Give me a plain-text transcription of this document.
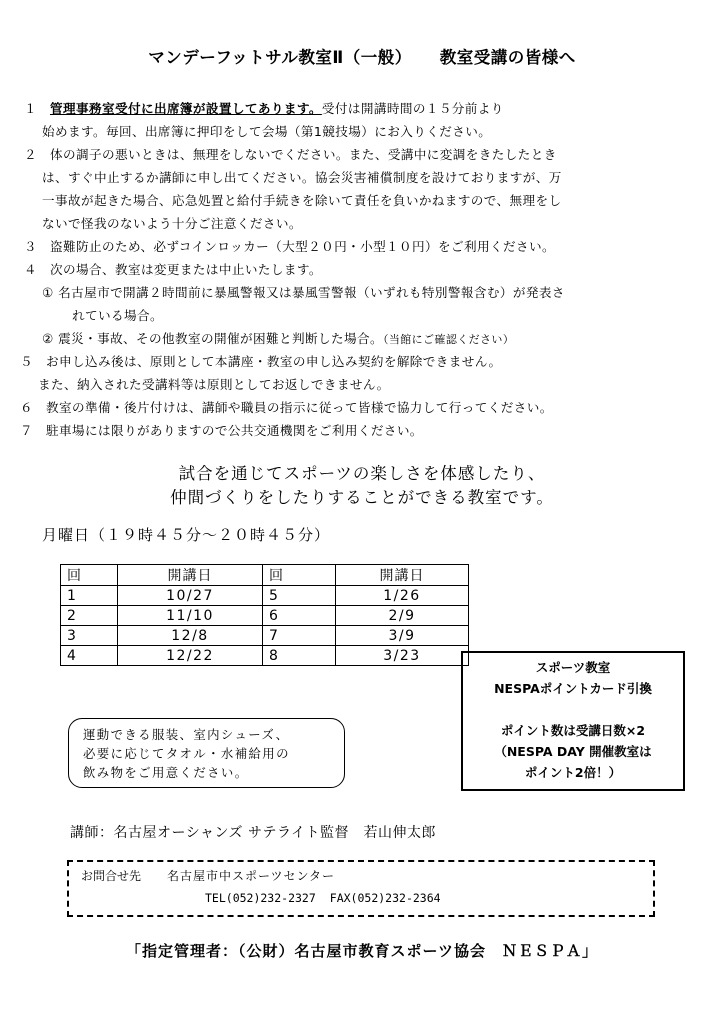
マンデーフットサル教室Ⅱ（一般） 教室受講の皆様へ
１　 管理事務室受付に出席簿が設置してあります。受付は開講時間の１５分前より
始めます。毎回、出席簿に押印をして会場（第1競技場）にお入りください。
２　体の調子の悪いときは、無理をしないでください。また、受講中に変調をきたしたとき
は、すぐ中止するか講師に申し出てください。協会災害補償制度を設けておりますが、万
一事故が起きた場合、応急処置と給付手続きを除いて責任を負いかねますので、無理をし
ないで怪我のないよう十分ご注意ください。
３　盗難防止のため、必ずコインロッカー（大型２０円・小型１０円）をご利用ください。
４　次の場合、教室は変更または中止いたします。
① 名古屋市で開講２時間前に暴風警報又は暴風雪警報（いずれも特別警報含む）が発表さ
れている場合。
② 震災・事故、その他教室の開催が困難と判断した場合。（当館にご確認ください）
５　お申し込み後は、原則として本講座・教室の申し込み契約を解除できません。
また、納入された受講料等は原則としてお返しできません。
６　教室の準備・後片付けは、講師や職員の指示に従って皆様で協力して行ってください。
７　駐車場には限りがありますので公共交通機関をご利用ください。
試合を通じてスポーツの楽しさを体感したり、
仲間づくりをしたりすることができる教室です。
月曜日（１９時４５分～２０時４５分）
回	開講日	回	開講日
1	10/27	5	1/26
2	11/10	6	2/9
3	12/8	7	3/9
4	12/22	8	3/23
スポーツ教室
NESPAポイントカード引換
ポイント数は受講日数×2
（NESPA DAY 開催教室は
ポイント2倍！）
運動できる服装、室内シューズ、
必要に応じてタオル・水補給用の
飲み物をご用意ください。
講師：名古屋オーシャンズ サテライト監督　若山伸太郎
お問合せ先 名古屋市中スポーツセンター
TEL(052)232-2327 FAX(052)232-2364
「指定管理者：（公財）名古屋市教育スポーツ協会　ＮＥＳＰＡ」
